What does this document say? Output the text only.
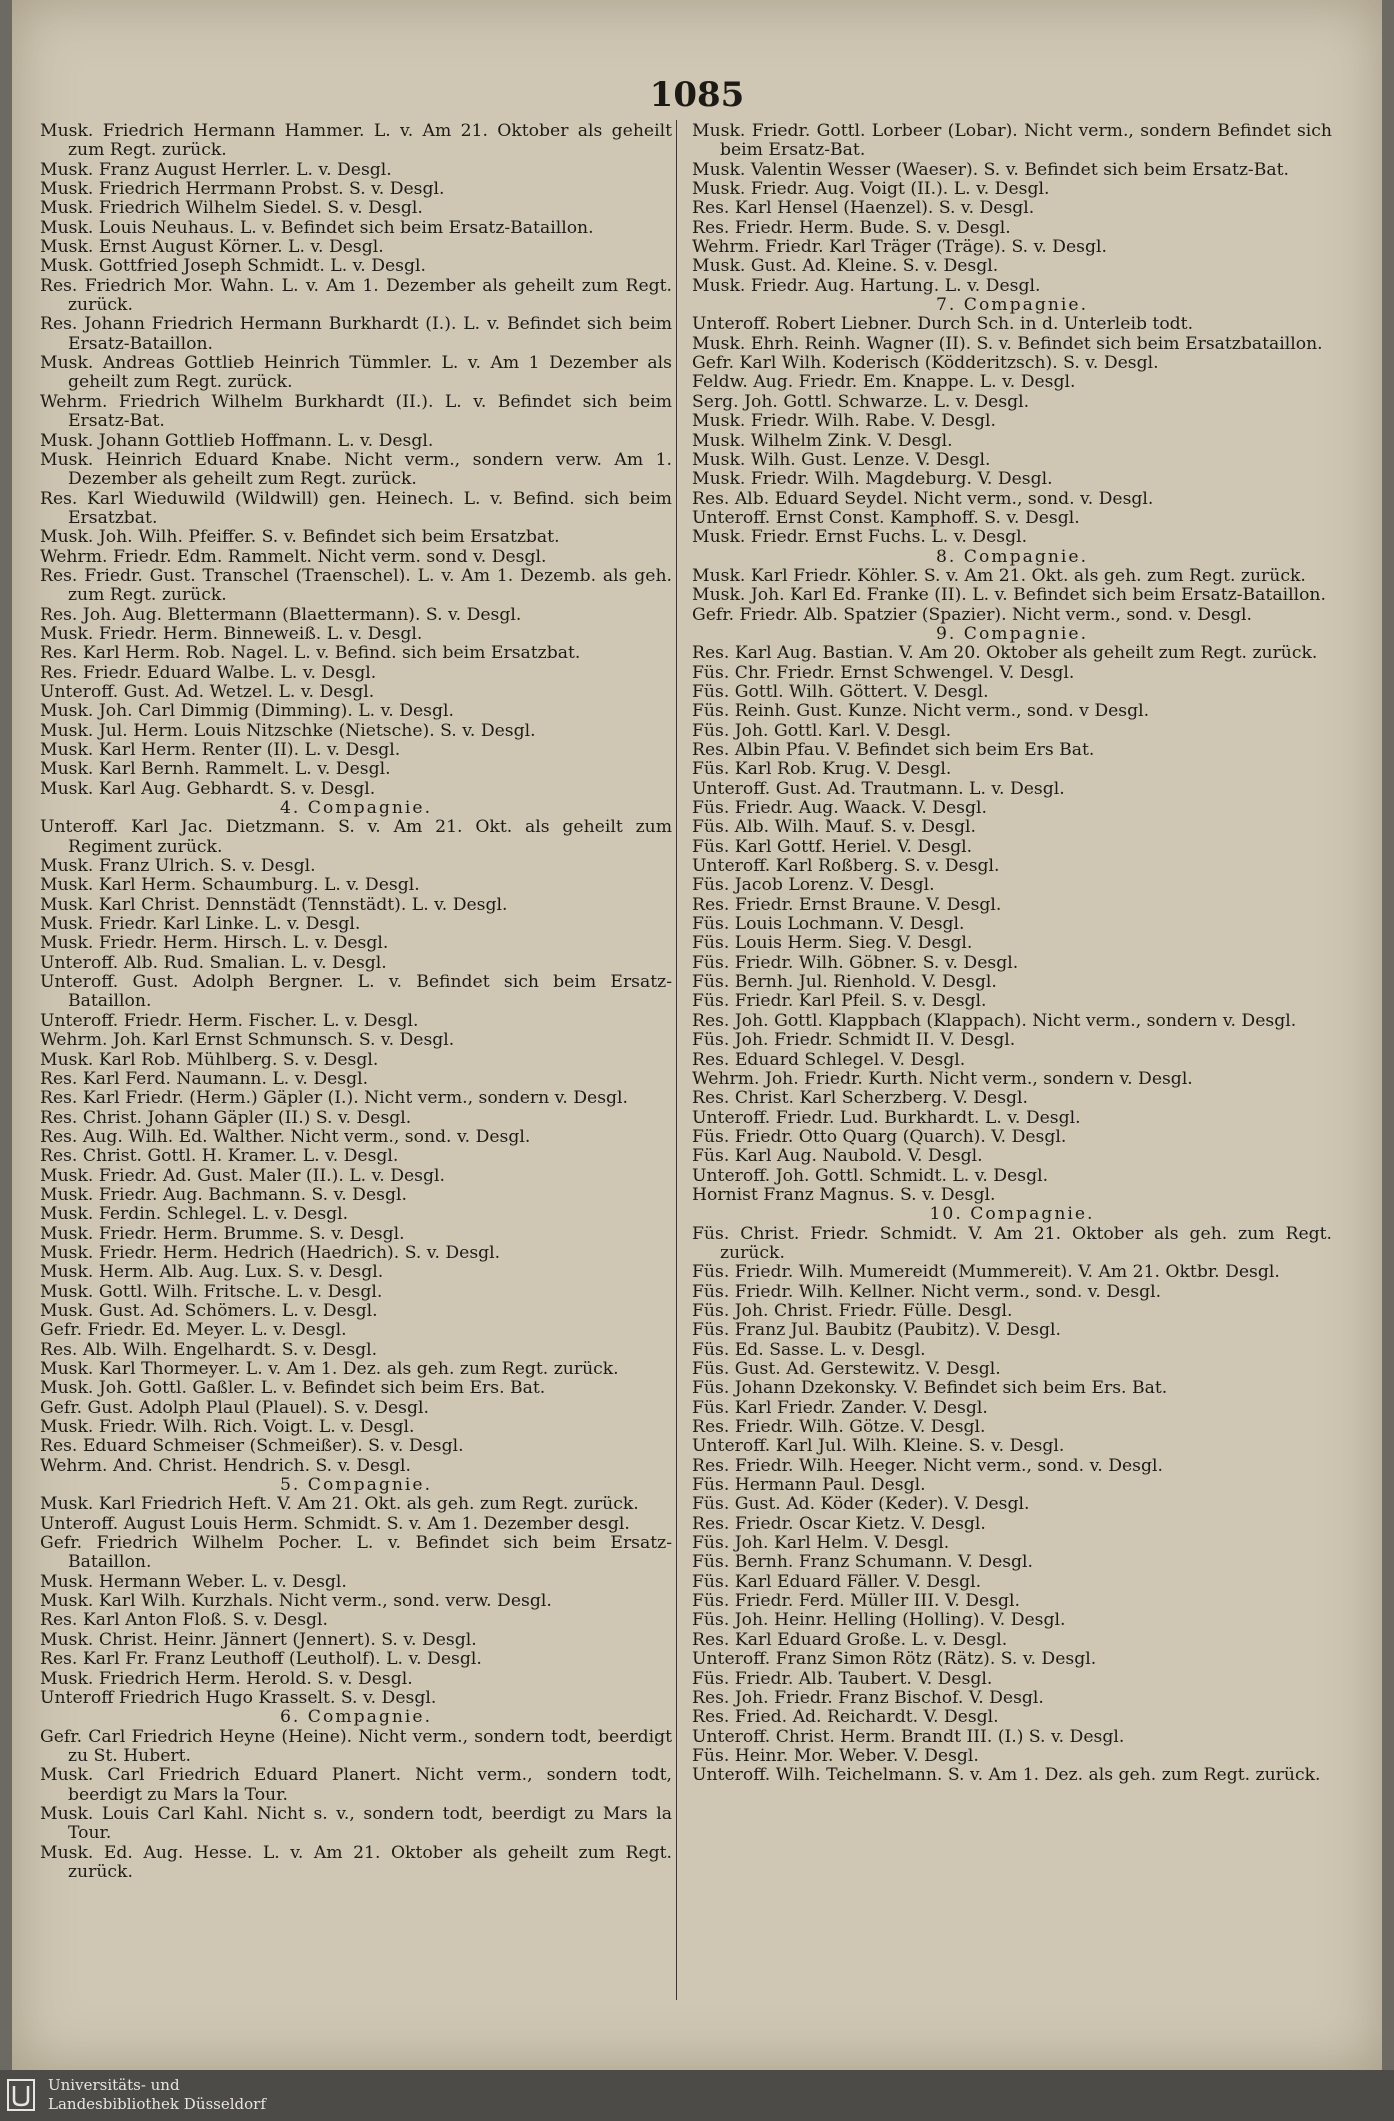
1085

Musk. Friedrich Hermann Hammer. L. v. Am 21. Oktober als geheilt zum Regt. zurück.

Musk. Franz August Herrler. L. v. Desgl.

Musk. Friedrich Herrmann Probst. S. v. Desgl.

Musk. Friedrich Wilhelm Siedel. S. v. Desgl.

Musk. Louis Neuhaus. L. v. Befindet sich beim Ersatz-Bataillon.

Musk. Ernst August Körner. L. v. Desgl.

Musk. Gottfried Joseph Schmidt. L. v. Desgl.

Res. Friedrich Mor. Wahn. L. v. Am 1. Dezember als geheilt zum Regt. zurück.

Res. Johann Friedrich Hermann Burkhardt (I.). L. v. Befindet sich beim Ersatz-Bataillon.

Musk. Andreas Gottlieb Heinrich Tümmler. L. v. Am 1 Dezember als geheilt zum Regt. zurück.

Wehrm. Friedrich Wilhelm Burkhardt (II.). L. v. Befindet sich beim Ersatz-Bat.

Musk. Johann Gottlieb Hoffmann. L. v. Desgl.

Musk. Heinrich Eduard Knabe. Nicht verm., sondern verw. Am 1. Dezember als geheilt zum Regt. zurück.

Res. Karl Wieduwild (Wildwill) gen. Heinech. L. v. Befind. sich beim Ersatzbat.

Musk. Joh. Wilh. Pfeiffer. S. v. Befindet sich beim Ersatzbat.

Wehrm. Friedr. Edm. Rammelt. Nicht verm. sond v. Desgl.

Res. Friedr. Gust. Transchel (Traenschel). L. v. Am 1. Dezemb. als geh. zum Regt. zurück.

Res. Joh. Aug. Blettermann (Blaettermann). S. v. Desgl.

Musk. Friedr. Herm. Binneweiß. L. v. Desgl.

Res. Karl Herm. Rob. Nagel. L. v. Befind. sich beim Ersatzbat.

Res. Friedr. Eduard Walbe. L. v. Desgl.

Unteroff. Gust. Ad. Wetzel. L. v. Desgl.

Musk. Joh. Carl Dimmig (Dimming). L. v. Desgl.

Musk. Jul. Herm. Louis Nitzschke (Nietsche). S. v. Desgl.

Musk. Karl Herm. Renter (II). L. v. Desgl.

Musk. Karl Bernh. Rammelt. L. v. Desgl.

Musk. Karl Aug. Gebhardt. S. v. Desgl.

4. Compagnie.

Unteroff. Karl Jac. Dietzmann. S. v. Am 21. Okt. als geheilt zum Regiment zurück.

Musk. Franz Ulrich. S. v. Desgl.

Musk. Karl Herm. Schaumburg. L. v. Desgl.

Musk. Karl Christ. Dennstädt (Tennstädt). L. v. Desgl.

Musk. Friedr. Karl Linke. L. v. Desgl.

Musk. Friedr. Herm. Hirsch. L. v. Desgl.

Unteroff. Alb. Rud. Smalian. L. v. Desgl.

Unteroff. Gust. Adolph Bergner. L. v. Befindet sich beim Ersatz-Bataillon.

Unteroff. Friedr. Herm. Fischer. L. v. Desgl.

Wehrm. Joh. Karl Ernst Schmunsch. S. v. Desgl.

Musk. Karl Rob. Mühlberg. S. v. Desgl.

Res. Karl Ferd. Naumann. L. v. Desgl.

Res. Karl Friedr. (Herm.) Gäpler (I.). Nicht verm., sondern v. Desgl.

Res. Christ. Johann Gäpler (II.) S. v. Desgl.

Res. Aug. Wilh. Ed. Walther. Nicht verm., sond. v. Desgl.

Res. Christ. Gottl. H. Kramer. L. v. Desgl.

Musk. Friedr. Ad. Gust. Maler (II.). L. v. Desgl.

Musk. Friedr. Aug. Bachmann. S. v. Desgl.

Musk. Ferdin. Schlegel. L. v. Desgl.

Musk. Friedr. Herm. Brumme. S. v. Desgl.

Musk. Friedr. Herm. Hedrich (Haedrich). S. v. Desgl.

Musk. Herm. Alb. Aug. Lux. S. v. Desgl.

Musk. Gottl. Wilh. Fritsche. L. v. Desgl.

Musk. Gust. Ad. Schömers. L. v. Desgl.

Gefr. Friedr. Ed. Meyer. L. v. Desgl.

Res. Alb. Wilh. Engelhardt. S. v. Desgl.

Musk. Karl Thormeyer. L. v. Am 1. Dez. als geh. zum Regt. zurück.

Musk. Joh. Gottl. Gaßler. L. v. Befindet sich beim Ers. Bat.

Gefr. Gust. Adolph Plaul (Plauel). S. v. Desgl.

Musk. Friedr. Wilh. Rich. Voigt. L. v. Desgl.

Res. Eduard Schmeiser (Schmeißer). S. v. Desgl.

Wehrm. And. Christ. Hendrich. S. v. Desgl.

5. Compagnie.

Musk. Karl Friedrich Heft. V. Am 21. Okt. als geh. zum Regt. zurück.

Unteroff. August Louis Herm. Schmidt. S. v. Am 1. Dezember desgl.

Gefr. Friedrich Wilhelm Pocher. L. v. Befindet sich beim Ersatz-Bataillon.

Musk. Hermann Weber. L. v. Desgl.

Musk. Karl Wilh. Kurzhals. Nicht verm., sond. verw. Desgl.

Res. Karl Anton Floß. S. v. Desgl.

Musk. Christ. Heinr. Jännert (Jennert). S. v. Desgl.

Res. Karl Fr. Franz Leuthoff (Leutholf). L. v. Desgl.

Musk. Friedrich Herm. Herold. S. v. Desgl.

Unteroff Friedrich Hugo Krasselt. S. v. Desgl.

6. Compagnie.

Gefr. Carl Friedrich Heyne (Heine). Nicht verm., sondern todt, beerdigt zu St. Hubert.

Musk. Carl Friedrich Eduard Planert. Nicht verm., sondern todt, beerdigt zu Mars la Tour.

Musk. Louis Carl Kahl. Nicht s. v., sondern todt, beerdigt zu Mars la Tour.

Musk. Ed. Aug. Hesse. L. v. Am 21. Oktober als geheilt zum Regt. zurück.

Musk. Friedr. Gottl. Lorbeer (Lobar). Nicht verm., sondern Befindet sich beim Ersatz-Bat.

Musk. Valentin Wesser (Waeser). S. v. Befindet sich beim Ersatz-Bat.

Musk. Friedr. Aug. Voigt (II.). L. v. Desgl.

Res. Karl Hensel (Haenzel). S. v. Desgl.

Res. Friedr. Herm. Bude. S. v. Desgl.

Wehrm. Friedr. Karl Träger (Träge). S. v. Desgl.

Musk. Gust. Ad. Kleine. S. v. Desgl.

Musk. Friedr. Aug. Hartung. L. v. Desgl.

7. Compagnie.

Unteroff. Robert Liebner. Durch Sch. in d. Unterleib todt.

Musk. Ehrh. Reinh. Wagner (II). S. v. Befindet sich beim Ersatzbataillon.

Gefr. Karl Wilh. Koderisch (Ködderitzsch). S. v. Desgl.

Feldw. Aug. Friedr. Em. Knappe. L. v. Desgl.

Serg. Joh. Gottl. Schwarze. L. v. Desgl.

Musk. Friedr. Wilh. Rabe. V. Desgl.

Musk. Wilhelm Zink. V. Desgl.

Musk. Wilh. Gust. Lenze. V. Desgl.

Musk. Friedr. Wilh. Magdeburg. V. Desgl.

Res. Alb. Eduard Seydel. Nicht verm., sond. v. Desgl.

Unteroff. Ernst Const. Kamphoff. S. v. Desgl.

Musk. Friedr. Ernst Fuchs. L. v. Desgl.

8. Compagnie.

Musk. Karl Friedr. Köhler. S. v. Am 21. Okt. als geh. zum Regt. zurück.

Musk. Joh. Karl Ed. Franke (II). L. v. Befindet sich beim Ersatz-Bataillon.

Gefr. Friedr. Alb. Spatzier (Spazier). Nicht verm., sond. v. Desgl.

9. Compagnie.

Res. Karl Aug. Bastian. V. Am 20. Oktober als geheilt zum Regt. zurück.

Füs. Chr. Friedr. Ernst Schwengel. V. Desgl.

Füs. Gottl. Wilh. Göttert. V. Desgl.

Füs. Reinh. Gust. Kunze. Nicht verm., sond. v Desgl.

Füs. Joh. Gottl. Karl. V. Desgl.

Res. Albin Pfau. V. Befindet sich beim Ers Bat.

Füs. Karl Rob. Krug. V. Desgl.

Unteroff. Gust. Ad. Trautmann. L. v. Desgl.

Füs. Friedr. Aug. Waack. V. Desgl.

Füs. Alb. Wilh. Mauf. S. v. Desgl.

Füs. Karl Gottf. Heriel. V. Desgl.

Unteroff. Karl Roßberg. S. v. Desgl.

Füs. Jacob Lorenz. V. Desgl.

Res. Friedr. Ernst Braune. V. Desgl.

Füs. Louis Lochmann. V. Desgl.

Füs. Louis Herm. Sieg. V. Desgl.

Füs. Friedr. Wilh. Göbner. S. v. Desgl.

Füs. Bernh. Jul. Rienhold. V. Desgl.

Füs. Friedr. Karl Pfeil. S. v. Desgl.

Res. Joh. Gottl. Klappbach (Klappach). Nicht verm., sondern v. Desgl.

Füs. Joh. Friedr. Schmidt II. V. Desgl.

Res. Eduard Schlegel. V. Desgl.

Wehrm. Joh. Friedr. Kurth. Nicht verm., sondern v. Desgl.

Res. Christ. Karl Scherzberg. V. Desgl.

Unteroff. Friedr. Lud. Burkhardt. L. v. Desgl.

Füs. Friedr. Otto Quarg (Quarch). V. Desgl.

Füs. Karl Aug. Naubold. V. Desgl.

Unteroff. Joh. Gottl. Schmidt. L. v. Desgl.

Hornist Franz Magnus. S. v. Desgl.

10. Compagnie.

Füs. Christ. Friedr. Schmidt. V. Am 21. Oktober als geh. zum Regt. zurück.

Füs. Friedr. Wilh. Mumereidt (Mummereit). V. Am 21. Oktbr. Desgl.

Füs. Friedr. Wilh. Kellner. Nicht verm., sond. v. Desgl.

Füs. Joh. Christ. Friedr. Fülle. Desgl.

Füs. Franz Jul. Baubitz (Paubitz). V. Desgl.

Füs. Ed. Sasse. L. v. Desgl.

Füs. Gust. Ad. Gerstewitz. V. Desgl.

Füs. Johann Dzekonsky. V. Befindet sich beim Ers. Bat.

Füs. Karl Friedr. Zander. V. Desgl.

Res. Friedr. Wilh. Götze. V. Desgl.

Unteroff. Karl Jul. Wilh. Kleine. S. v. Desgl.

Res. Friedr. Wilh. Heeger. Nicht verm., sond. v. Desgl.

Füs. Hermann Paul. Desgl.

Füs. Gust. Ad. Köder (Keder). V. Desgl.

Res. Friedr. Oscar Kietz. V. Desgl.

Füs. Joh. Karl Helm. V. Desgl.

Füs. Bernh. Franz Schumann. V. Desgl.

Füs. Karl Eduard Fäller. V. Desgl.

Füs. Friedr. Ferd. Müller III. V. Desgl.

Füs. Joh. Heinr. Helling (Holling). V. Desgl.

Res. Karl Eduard Große. L. v. Desgl.

Unteroff. Franz Simon Rötz (Rätz). S. v. Desgl.

Füs. Friedr. Alb. Taubert. V. Desgl.

Res. Joh. Friedr. Franz Bischof. V. Desgl.

Res. Fried. Ad. Reichardt. V. Desgl.

Unteroff. Christ. Herm. Brandt III. (I.) S. v. Desgl.

Füs. Heinr. Mor. Weber. V. Desgl.

Unteroff. Wilh. Teichelmann. S. v. Am 1. Dez. als geh. zum Regt. zurück.

Universitäts- und
Landesbibliothek Düsseldorf
